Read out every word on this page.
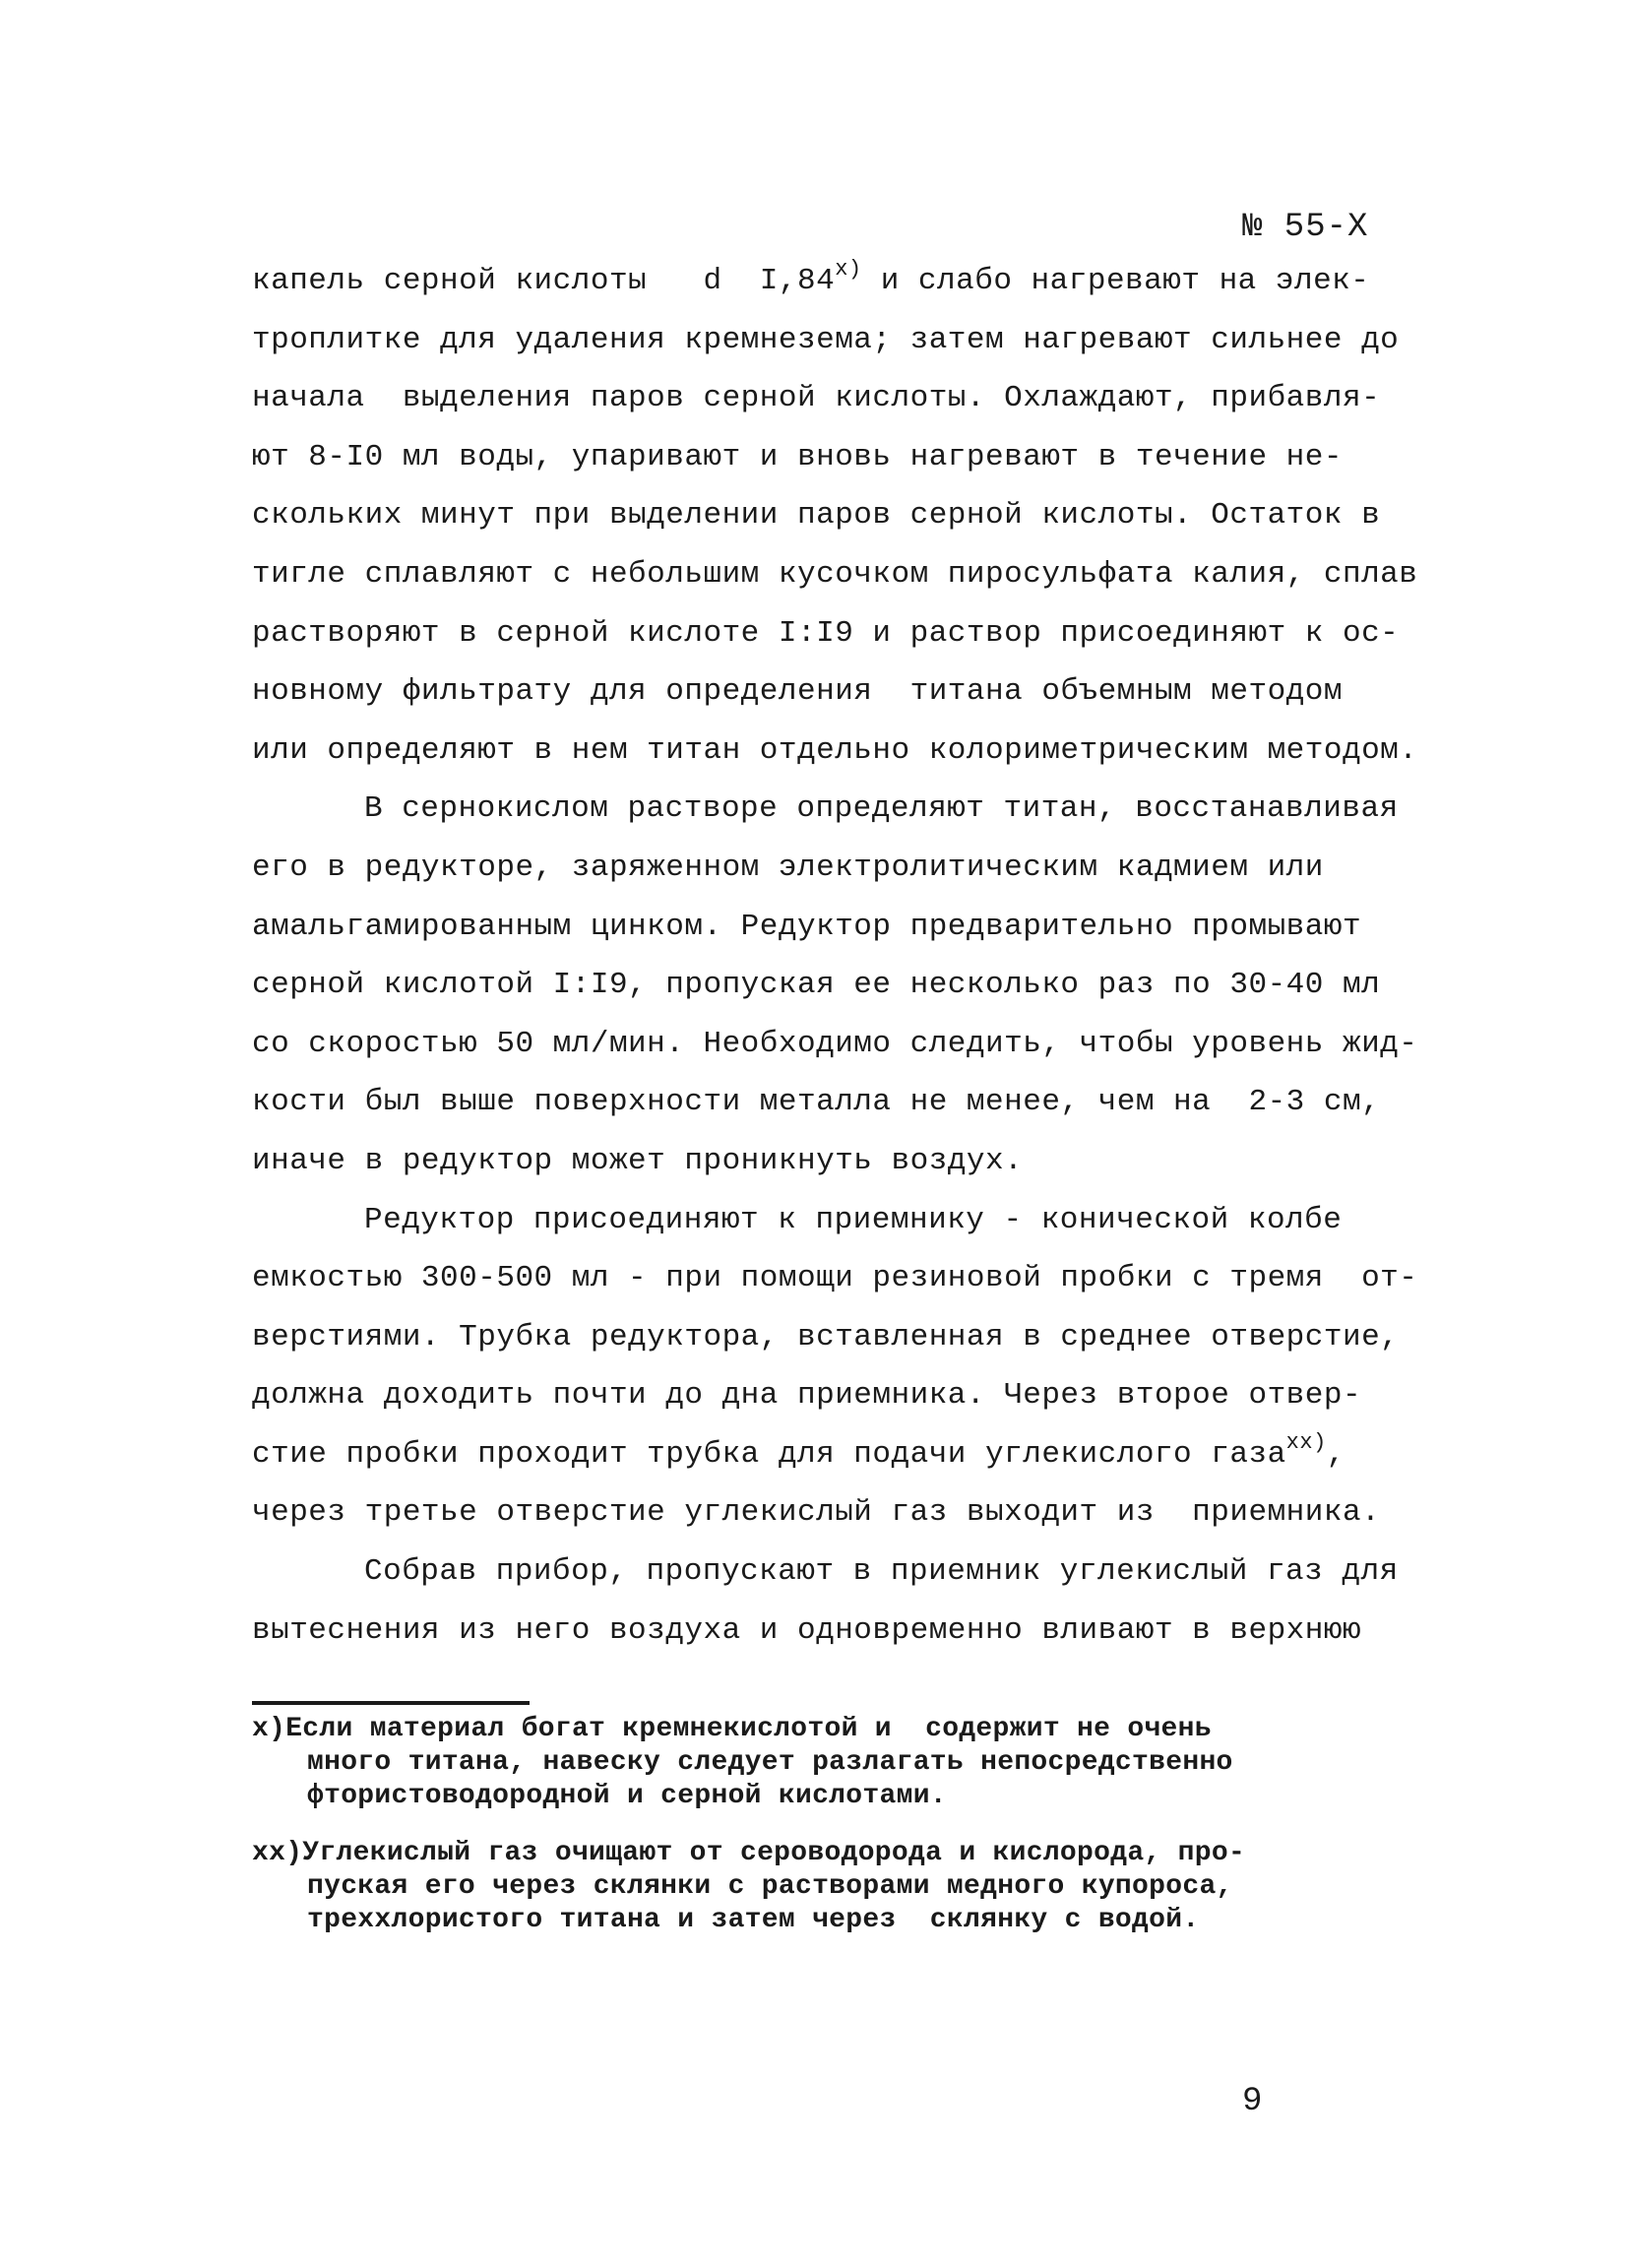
№ 55-Х
капель серной кислоты   d  I,84$^{x)}$ и слабо нагревают на элек-
троплитке для удаления кремнезема; затем нагревают сильнее до
начала  выделения паров серной кислоты. Охлаждают, прибавля-
ют 8-I0 мл воды, упаривают и вновь нагревают в течение не-
скольких минут при выделении паров серной кислоты. Остаток в
тигле сплавляют с небольшим кусочком пиросульфата калия, сплав
растворяют в серной кислоте I:I9 и раствор присоединяют к ос-
новному фильтрату для определения  титана объемным методом
или определяют в нем титан отдельно колориметрическим методом.
В сернокислом растворе определяют титан, восстанавливая
его в редукторе, заряженном электролитическим кадмием или
амальгамированным цинком. Редуктор предварительно промывают
серной кислотой I:I9, пропуская ее несколько раз по 30-40 мл
со скоростью 50 мл/мин. Необходимо следить, чтобы уровень жид-
кости был выше поверхности металла не менее, чем на  2-3 см,
иначе в редуктор может проникнуть воздух.
Редуктор присоединяют к приемнику - конической колбе
емкостью 300-500 мл - при помощи резиновой пробки с тремя  от-
верстиями. Трубка редуктора, вставленная в среднее отверстие,
должна доходить почти до дна приемника. Через второе отвер-
стие пробки проходит трубка для подачи углекислого газа$^{xx)}$,
через третье отверстие углекислый газ выходит из  приемника.
Собрав прибор, пропускают в приемник углекислый газ для
вытеснения из него воздуха и одновременно вливают в верхнюю
х)Если материал богат кремнекислотой и  содержит не очень
много титана, навеску следует разлагать непосредственно
фтористоводородной и серной кислотами.
хх)Углекислый газ очищают от сероводорода и кислорода, про-
пуская его через склянки с растворами медного купороса,
треххлористого титана и затем через  склянку с водой.
9
